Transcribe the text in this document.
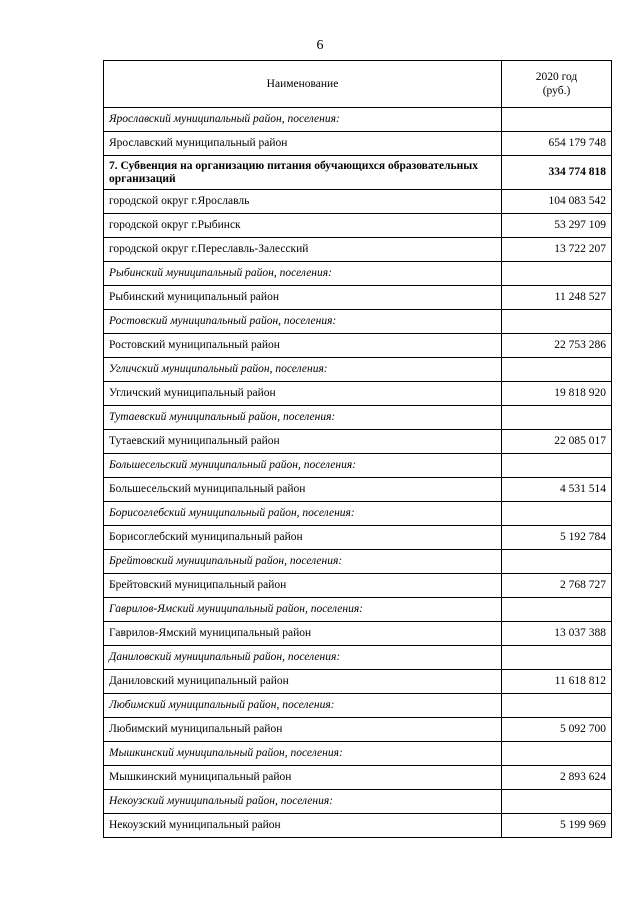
6
Наименование	2020 год
(руб.)
Ярославский муниципальный район, поселения:	
Ярославский муниципальный район	654 179 748
7. Субвенция на организацию питания обучающихся образовательных организаций	334 774 818
городской округ г.Ярославль	104 083 542
городской округ г.Рыбинск	53 297 109
городской округ г.Переславль-Залесский	13 722 207
Рыбинский муниципальный район, поселения:	
Рыбинский муниципальный район	11 248 527
Ростовский муниципальный район, поселения:	
Ростовский муниципальный район	22 753 286
Угличский муниципальный район, поселения:	
Угличский муниципальный район	19 818 920
Тутаевский муниципальный район, поселения:	
Тутаевский муниципальный район	22 085 017
Большесельский муниципальный район, поселения:	
Большесельский муниципальный район	4 531 514
Борисоглебский муниципальный район, поселения:	
Борисоглебский муниципальный район	5 192 784
Брейтовский муниципальный район, поселения:	
Брейтовский муниципальный район	2 768 727
Гаврилов-Ямский муниципальный район, поселения:	
Гаврилов-Ямский муниципальный район	13 037 388
Даниловский муниципальный район, поселения:	
Даниловский муниципальный район	11 618 812
Любимский муниципальный район, поселения:	
Любимский муниципальный район	5 092 700
Мышкинский муниципальный район, поселения:	
Мышкинский муниципальный район	2 893 624
Некоузский муниципальный район, поселения:	
Некоузский муниципальный район	5 199 969
